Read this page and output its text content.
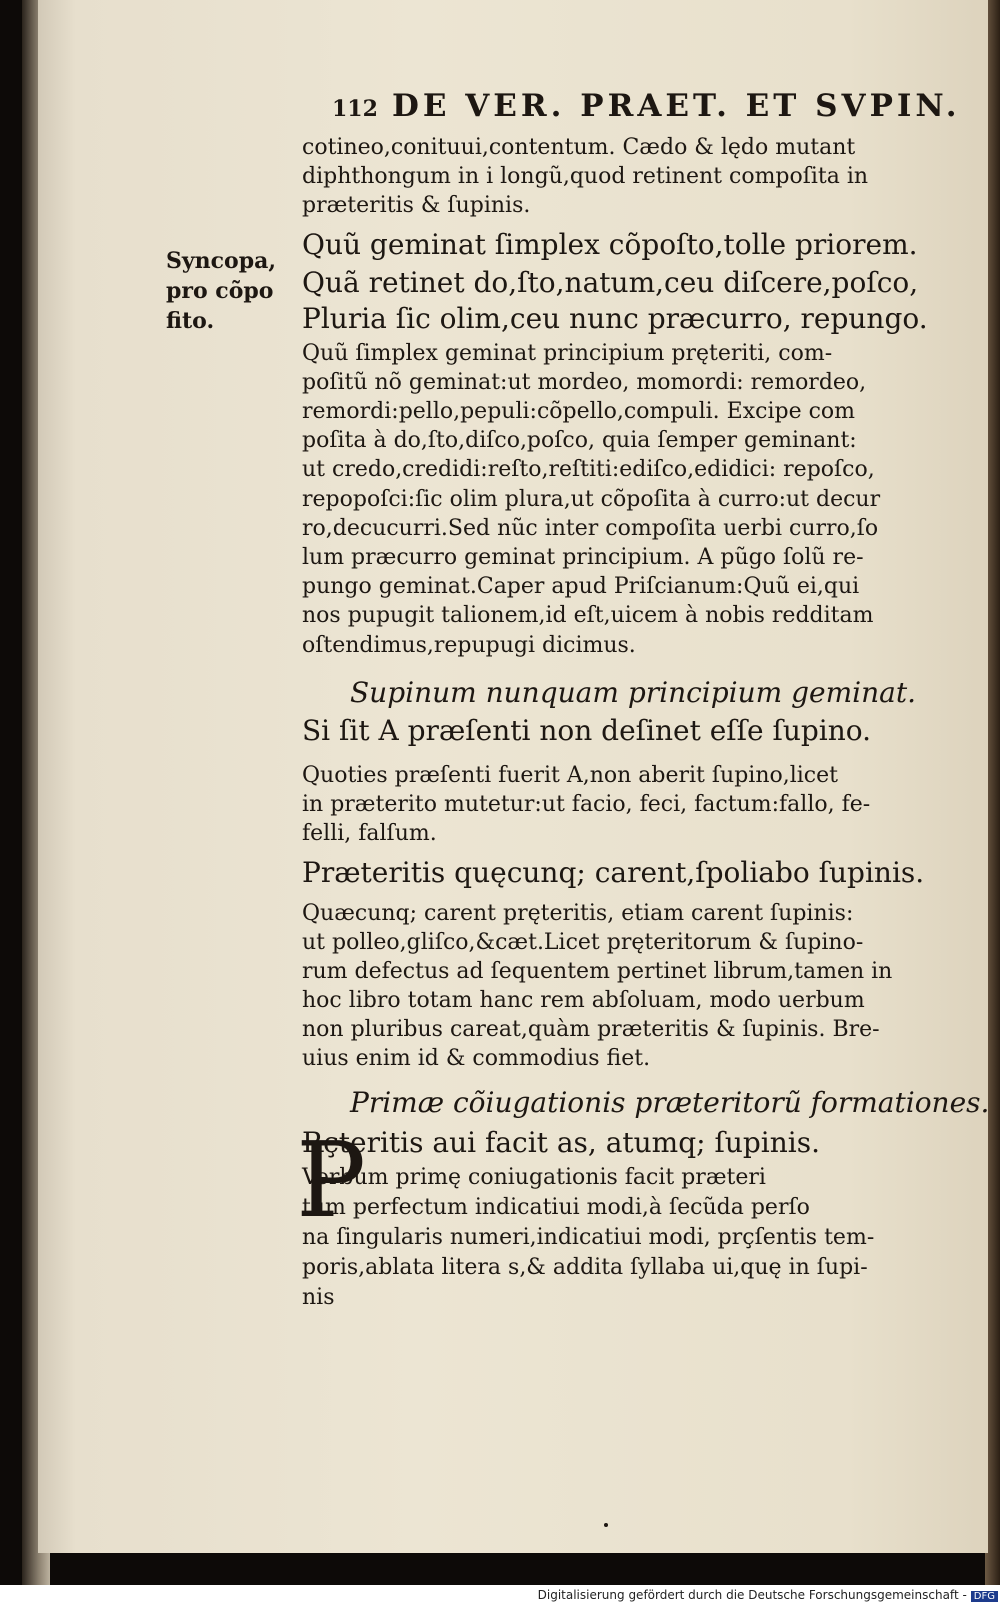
112 DE VER. PRAET. ET SVPIN.
cotineo,conituui,contentum. Cædo & lędo mutant
diphthongum in i longũ,quod retinent compoſita in
præteritis & ſupinis.
Quũ geminat ſimplex cõpoſto,tolle priorem.
Quã retinet do,ſto,natum,ceu diſcere,poſco,
Pluria ſic olim,ceu nunc præcurro, repungo.
Quũ ſimplex geminat principium pręteriti, com-
poſitũ nõ geminat:ut mordeo, momordi: remordeo,
remordi:pello,pepuli:cõpello,compuli. Excipe com
poſita à do,ſto,diſco,poſco, quia ſemper geminant:
ut credo,credidi:reſto,reſtiti:ediſco,edidici: repoſco,
repopoſci:ſic olim plura,ut cõpoſita à curro:ut decur
ro,decucurri.Sed nũc inter compoſita uerbi curro,ſo
lum præcurro geminat principium. A pũgo ſolũ re-
pungo geminat.Caper apud Priſcianum:Quũ ei,qui
nos pupugit talionem,id eſt,uicem à nobis redditam
oſtendimus,repupugi dicimus.
Supinum nunquam principium geminat.
Si ſit A præſenti non deſinet eſſe ſupino.
Quoties præſenti fuerit A,non aberit ſupino,licet
in præterito mutetur:ut facio, feci, factum:fallo, fe-
felli, falſum.
Præteritis quęcunq; carent,ſpoliabo ſupinis.
Quæcunq; carent pręteritis, etiam carent ſupinis:
ut polleo,gliſco,&cæt.Licet pręteritorum & ſupino-
rum defectus ad ſequentem pertinet librum,tamen in
hoc libro totam hanc rem abſoluam, modo uerbum
non pluribus careat,quàm præteritis & ſupinis. Bre-
uius enim id & commodius fiet.
Primæ cõiugationis præteritorũ formationes.
Rçteritis aui facit as, atumq; ſupinis.
Verbum primę coniugationis facit præteri
tum perfectum indicatiui modi,à ſecũda perſo
na ſingularis numeri,indicatiui modi, prçſentis tem-
poris,ablata litera s,& addita ſyllaba ui,quę in ſupi-
nis
Syncopa,
pro cõpo
fito.
P
Digitalisierung gefördert durch die Deutsche Forschungsgemeinschaft - DFG
